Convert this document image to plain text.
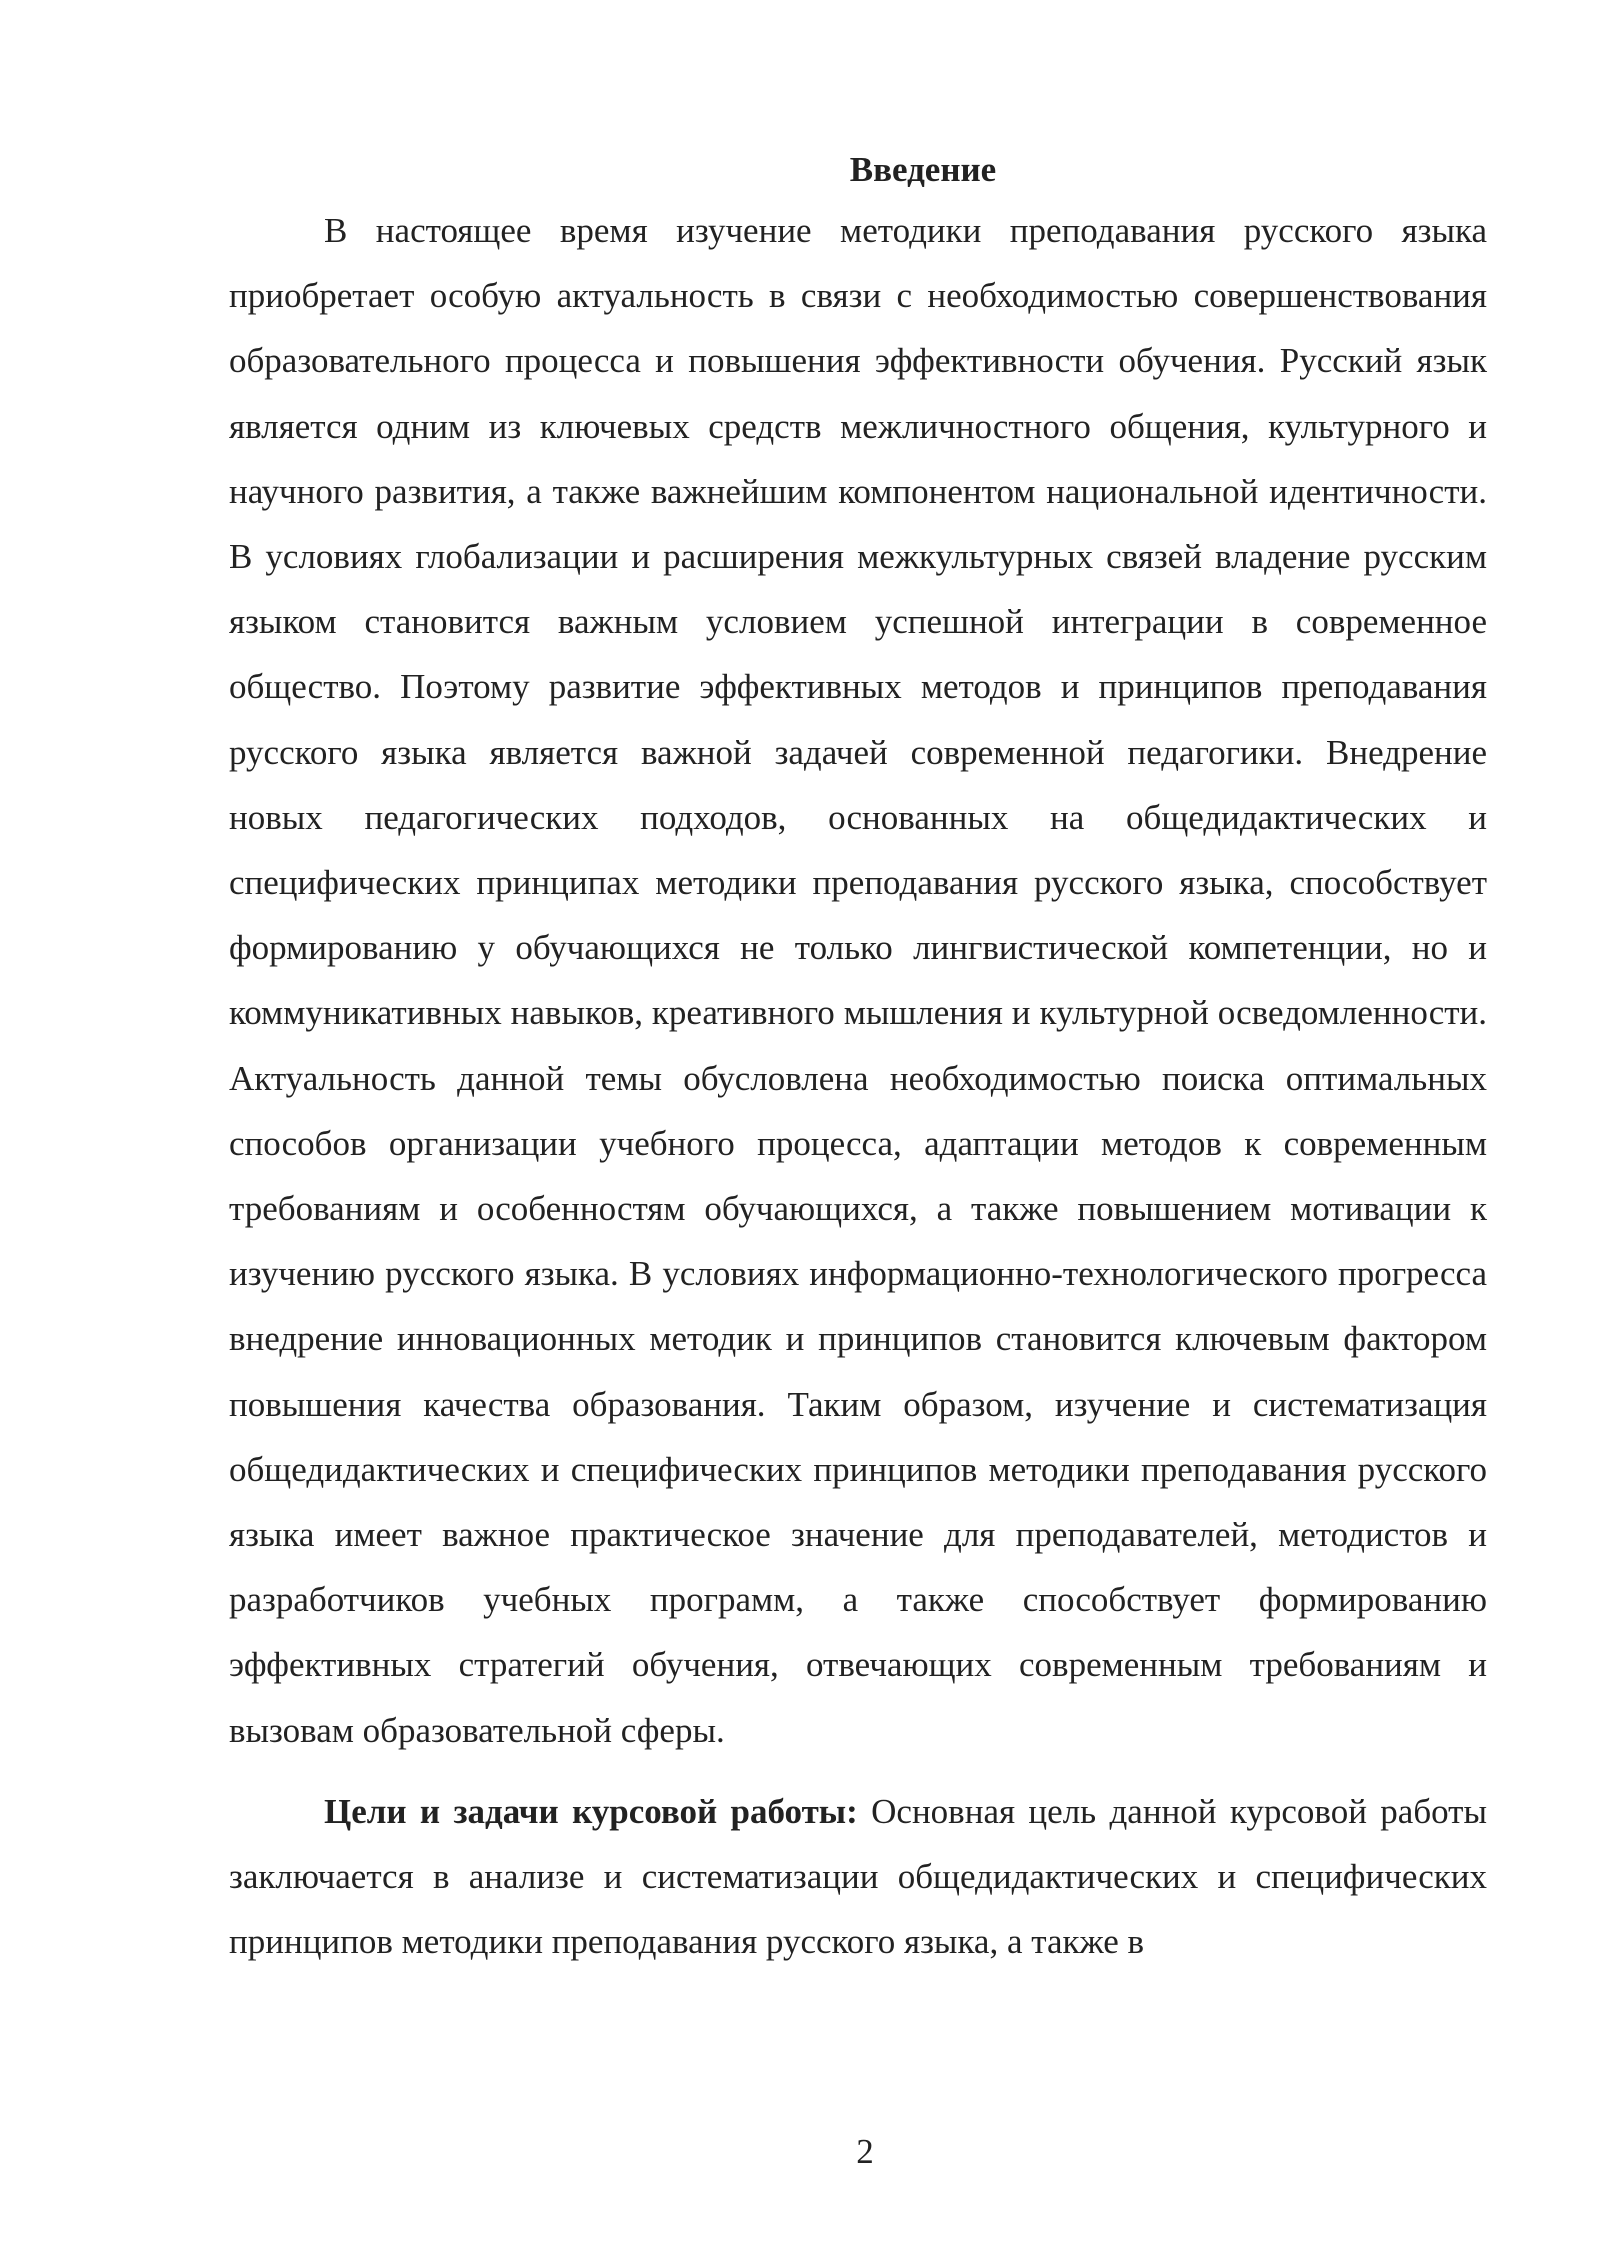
Введение

В настоящее время изучение методики преподавания русского языка приобретает особую актуальность в связи с необходимостью совершенствования образовательного процесса и повышения эффективности обучения. Русский язык является одним из ключевых средств межличностного общения, культурного и научного развития, а также важнейшим компонентом национальной идентичности. В условиях глобализации и расширения межкультурных связей владение русским языком становится важным условием успешной интеграции в современное общество. Поэтому развитие эффективных методов и принципов преподавания русского языка является важной задачей современной педагогики. Внедрение новых педагогических подходов, основанных на общедидактических и специфических принципах методики преподавания русского языка, способствует формированию у обучающихся не только лингвистической компетенции, но и коммуникативных навыков, креативного мышления и культурной осведомленности. Актуальность данной темы обусловлена необходимостью поиска оптимальных способов организации учебного процесса, адаптации методов к современным требованиям и особенностям обучающихся, а также повышением мотивации к изучению русского языка. В условиях информационно-технологического прогресса внедрение инновационных методик и принципов становится ключевым фактором повышения качества образования. Таким образом, изучение и систематизация общедидактических и специфических принципов методики преподавания русского языка имеет важное практическое значение для преподавателей, методистов и разработчиков учебных программ, а также способствует формированию эффективных стратегий обучения, отвечающих современным требованиям и вызовам образовательной сферы.

Цели и задачи курсовой работы: Основная цель данной курсовой работы заключается в анализе и систематизации общедидактических и специфических принципов методики преподавания русского языка, а также в

2
